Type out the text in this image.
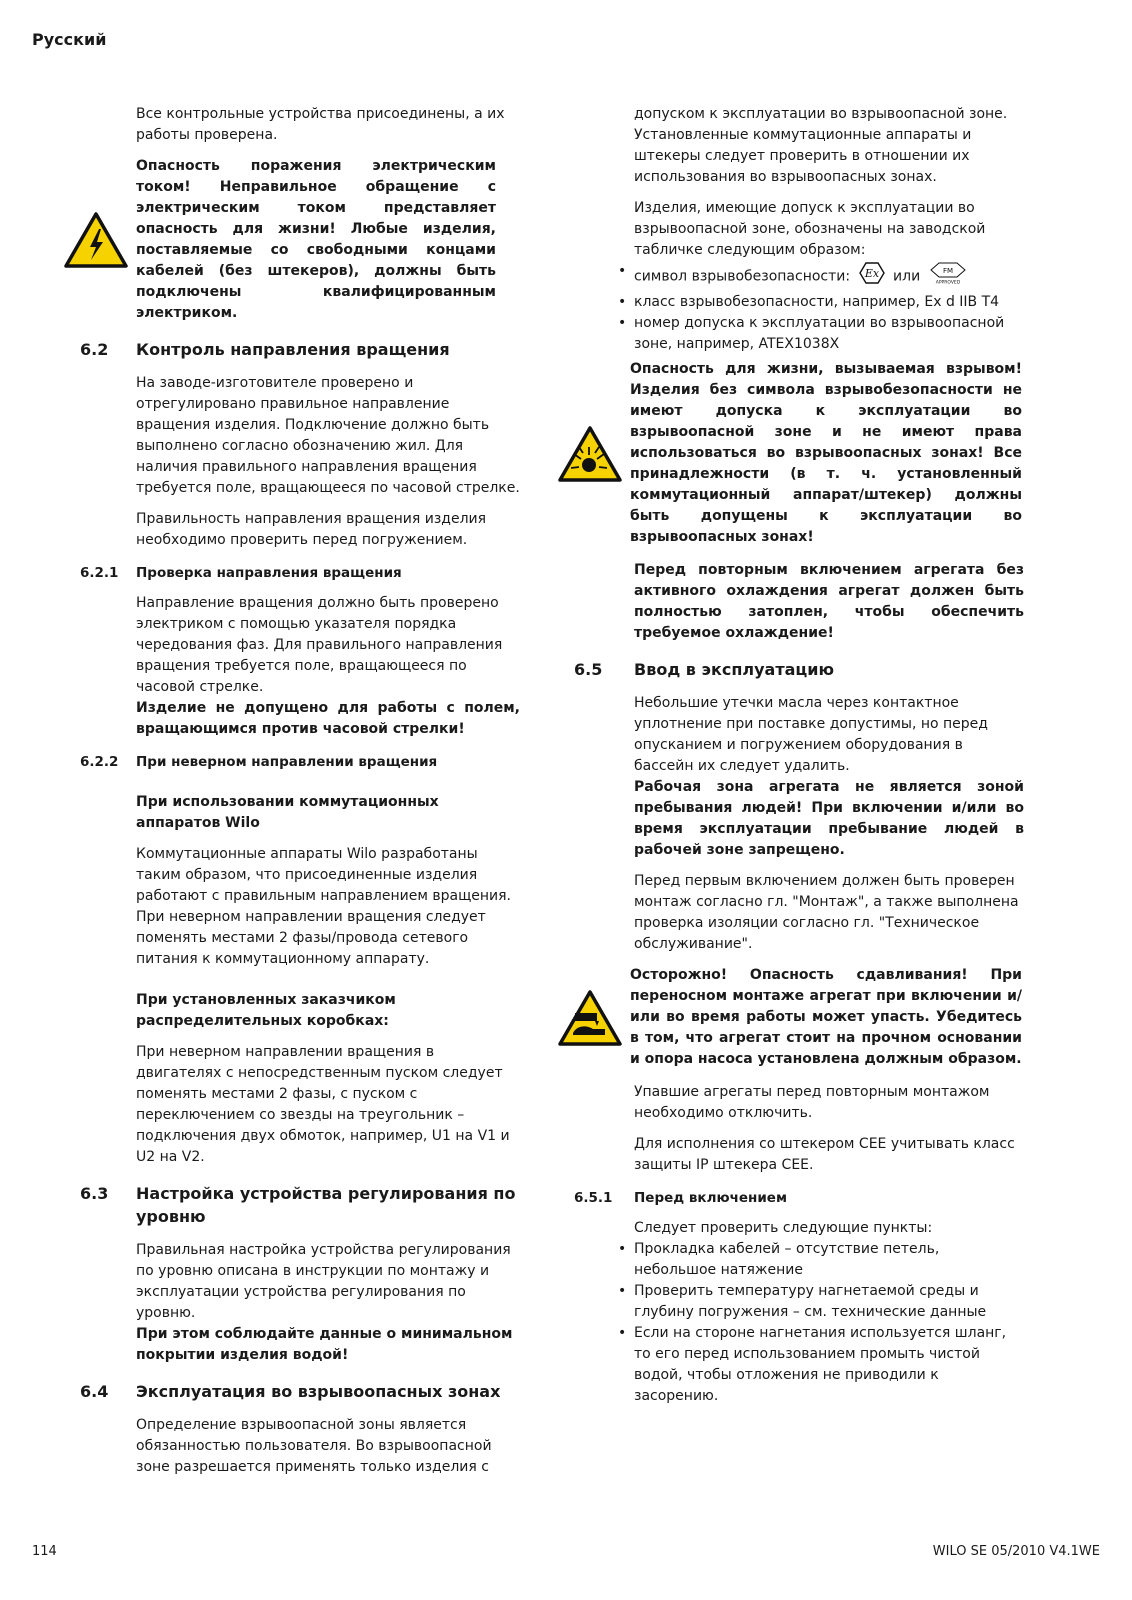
Русский

Все контрольные устройства присоединены, а их работы проверена.

Опасность поражения электрическим током! Неправильное обращение с электрическим током представляет опасность для жизни! Любые изделия, поставляемые со свободными концами кабелей (без штекеров), должны быть подключены квалифицированным электриком.
6.2	Контроль направления вращения

На заводе-изготовителе проверено и отрегулировано правильное направление вращения изделия. Подключение должно быть выполнено согласно обозначению жил. Для наличия правильного направления вращения требуется поле, вращающееся по часовой стрелке.

Правильность направления вращения изделия необходимо проверить перед погружением.

6.2.1	Проверка направления вращения
Направление вращения должно быть проверено электриком с помощью указателя порядка чередования фаз. Для правильного направления вращения требуется поле, вращающееся по часовой стрелке.

Изделие не допущено для работы с полем, вращающимся против часовой стрелки!

6.2.2	При неверном направлении вращения

При использовании коммутационных аппаратов Wilo

Коммутационные аппараты Wilo разработаны таким образом, что присоединенные изделия работают с правильным направлением вращения. При неверном направлении вращения следует поменять местами 2 фазы/провода сетевого питания к коммутационному аппарату.

При установленных заказчиком распределительных коробках:

При неверном направлении вращения в двигателях с непосредственным пуском следует поменять местами 2 фазы, с пуском с переключением со звезды на треугольник – подключения двух обмоток, например, U1 на V1 и U2 на V2.

6.3	Настройка устройства регулирования по уровню
Правильная настройка устройства регулирования по уровню описана в инструкции по монтажу и эксплуатации устройства регулирования по уровню.

При этом соблюдайте данные о минимальном покрытии изделия водой!

6.4	Эксплуатация во взрывоопасных зонах

Определение взрывоопасной зоны является обязанностью пользователя. Во взрывоопасной зоне разрешается применять только изделия с

допуском к эксплуатации во взрывоопасной зоне. Установленные коммутационные аппараты и штекеры следует проверить в отношении их использования во взрывоопасных зонах.

Изделия, имеющие допуск к эксплуатации во взрывоопасной зоне, обозначены на заводской табличке следующим образом:
• символ взрывобезопасности: Ex или	FM
APPROVED
• класс взрывобезопасности, например, Ex d IIB T4
• номер допуска к эксплуатации во взрывоопасной зоне, например, ATEX1038X
Опасность для жизни, вызываемая взрывом! Изделия без символа взрывобезопасности не имеют допуска к эксплуатации во взрывоопасной зоне и не имеют права использоваться во взрывоопасных зонах! Все принадлежности (в т. ч. установленный коммутационный аппарат/штекер) должны быть допущены к эксплуатации во взрывоопасных зонах!

Перед повторным включением агрегата без активного охлаждения агрегат должен быть полностью затоплен, чтобы обеспечить требуемое охлаждение!

6.5	Ввод в эксплуатацию
Небольшие утечки масла через контактное уплотнение при поставке допустимы, но перед опусканием и погружением оборудования в бассейн их следует удалить.

Рабочая зона агрегата не является зоной пребывания людей! При включении и/или во время эксплуатации пребывание людей в рабочей зоне запрещено.

Перед первым включением должен быть проверен монтаж согласно гл. "Монтаж", а также выполнена проверка изоляции согласно гл. "Техническое обслуживание".

Осторожно! Опасность сдавливания! При переносном монтаже агрегат при включении и/или во время работы может упасть. Убедитесь в том, что агрегат стоит на прочном основании и опора насоса установлена должным образом.

Упавшие агрегаты перед повторным монтажом необходимо отключить.

Для исполнения со штекером CEE учитывать класс защиты IP штекера CEE.

6.5.1	Перед включением
Следует проверить следующие пункты:
• Прокладка кабелей – отсутствие петель, небольшое натяжение
• Проверить температуру нагнетаемой среды и глубину погружения – см. технические данные
• Если на стороне нагнетания используется шланг, то его перед использованием промыть чистой водой, чтобы отложения не приводили к засорению.
114	WILO SE 05/2010 V4.1WE
